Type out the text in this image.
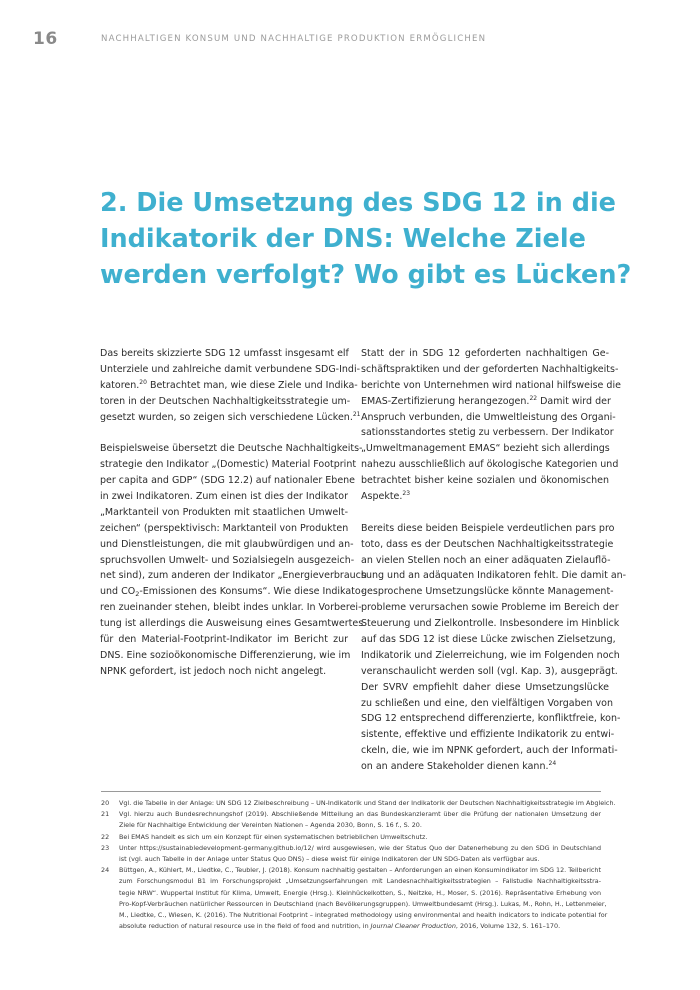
16	NACHHALTIGEN KONSUM UND NACHHALTIGE PRODUKTION ERMÖGLICHEN
2. Die Umsetzung des SDG 12 in die
Indikatorik der DNS: Welche Ziele
werden verfolgt? Wo gibt es Lücken?
Das bereits skizzierte SDG 12 umfasst insgesamt elf
Unterziele und zahlreiche damit verbundene SDG-Indi-
katoren.$^{20}$ Betrachtet man, wie diese Ziele und Indika-
toren in der Deutschen Nachhaltigkeitsstrategie um-
gesetzt wurden, so zeigen sich verschiedene Lücken.$^{21}$
Beispielsweise übersetzt die Deutsche Nachhaltigkeits-
strategie den Indikator „(Domestic) Material Footprint
per capita and GDP“ (SDG 12.2) auf nationaler Ebene
in zwei Indikatoren. Zum einen ist dies der Indikator
„Marktanteil von Produkten mit staatlichen Umwelt-
zeichen“ (perspektivisch: Marktanteil von Produkten
und Dienstleistungen, die mit glaubwürdigen und an-
spruchsvollen Umwelt- und Sozialsiegeln ausgezeich-
net sind), zum anderen der Indikator „Energieverbrauch
und $CO_2$-Emissionen des Konsums“. Wie diese Indikato-
ren zueinander stehen, bleibt indes unklar. In Vorberei-
tung ist allerdings die Ausweisung eines Gesamtwertes
für den Material-Footprint-Indikator im Bericht zur
DNS. Eine sozioökonomische Differenzierung, wie im
NPNK gefordert, ist jedoch noch nicht angelegt.
Statt der in SDG 12 geforderten nachhaltigen Ge-
schäftspraktiken und der geforderten Nachhaltigkeits-
berichte von Unternehmen wird national hilfsweise die
EMAS-Zertifizierung herangezogen.$^{22}$ Damit wird der
Anspruch verbunden, die Umweltleistung des Organi-
sationsstandortes stetig zu verbessern. Der Indikator
„Umweltmanagement EMAS“ bezieht sich allerdings
nahezu ausschließlich auf ökologische Kategorien und
betrachtet bisher keine sozialen und ökonomischen
Aspekte.$^{23}$
Bereits diese beiden Beispiele verdeutlichen pars pro
toto, dass es der Deutschen Nachhaltigkeitsstrategie
an vielen Stellen noch an einer adäquaten Zielauflö-
sung und an adäquaten Indikatoren fehlt. Die damit an-
gesprochene Umsetzungslücke könnte Management-
probleme verursachen sowie Probleme im Bereich der
Steuerung und Zielkontrolle. Insbesondere im Hinblick
auf das SDG 12 ist diese Lücke zwischen Zielsetzung,
Indikatorik und Zielerreichung, wie im Folgenden noch
veranschaulicht werden soll (vgl. Kap. 3), ausgeprägt.
Der SVRV empfiehlt daher diese Umsetzungslücke
zu schließen und eine, den vielfältigen Vorgaben von
SDG 12 entsprechend differenzierte, konfliktfreie, kon-
sistente, effektive und effiziente Indikatorik zu entwi-
ckeln, die, wie im NPNK gefordert, auch der Informati-
on an andere Stakeholder dienen kann.$^{24}$
20 Vgl. die Tabelle in der Anlage: UN SDG 12 Zielbeschreibung – UN-Indikatorik und Stand der Indikatorik der Deutschen Nachhaltigkeitsstrategie im Abgleich.
21 Vgl. hierzu auch Bundesrechnungshof (2019). Abschließende Mitteilung an das Bundeskanzleramt über die Prüfung der nationalen Umsetzung der
Ziele für Nachhaltige Entwicklung der Vereinten Nationen – Agenda 2030, Bonn, S. 16 f., S. 20.
22 Bei EMAS handelt es sich um ein Konzept für einen systematischen betrieblichen Umweltschutz.
23 Unter https://sustainabledevelopment-germany.github.io/12/ wird ausgewiesen, wie der Status Quo der Datenerhebung zu den SDG in Deutschland
ist (vgl. auch Tabelle in der Anlage unter Status Quo DNS) – diese weist für einige Indikatoren der UN SDG-Daten als verfügbar aus.
24 Büttgen, A., Kühlert, M., Liedtke, C., Teubler, J. (2018). Konsum nachhaltig gestalten – Anforderungen an einen Konsumindikator im SDG 12. Teilbericht
zum Forschungsmodul B1 im Forschungsprojekt „Umsetzungserfahrungen mit Landesnachhaltigkeitsstrategien – Fallstudie Nachhaltigkeitsstra-
tegie NRW“. Wuppertal Institut für Klima, Umwelt, Energie (Hrsg.). Kleinhückelkotten, S., Neitzke, H., Moser, S. (2016). Repräsentative Erhebung von
Pro-Kopf-Verbräuchen natürlicher Ressourcen in Deutschland (nach Bevölkerungsgruppen). Umweltbundesamt (Hrsg.). Lukas, M., Rohn, H., Lettenmeier,
M., Liedtke, C., Wiesen, K. (2016). The Nutritional Footprint – integrated methodology using environmental and health indicators to indicate potential for
absolute reduction of natural resource use in the field of food and nutrition, in Journal Cleaner Production, 2016, Volume 132, S. 161–170.
